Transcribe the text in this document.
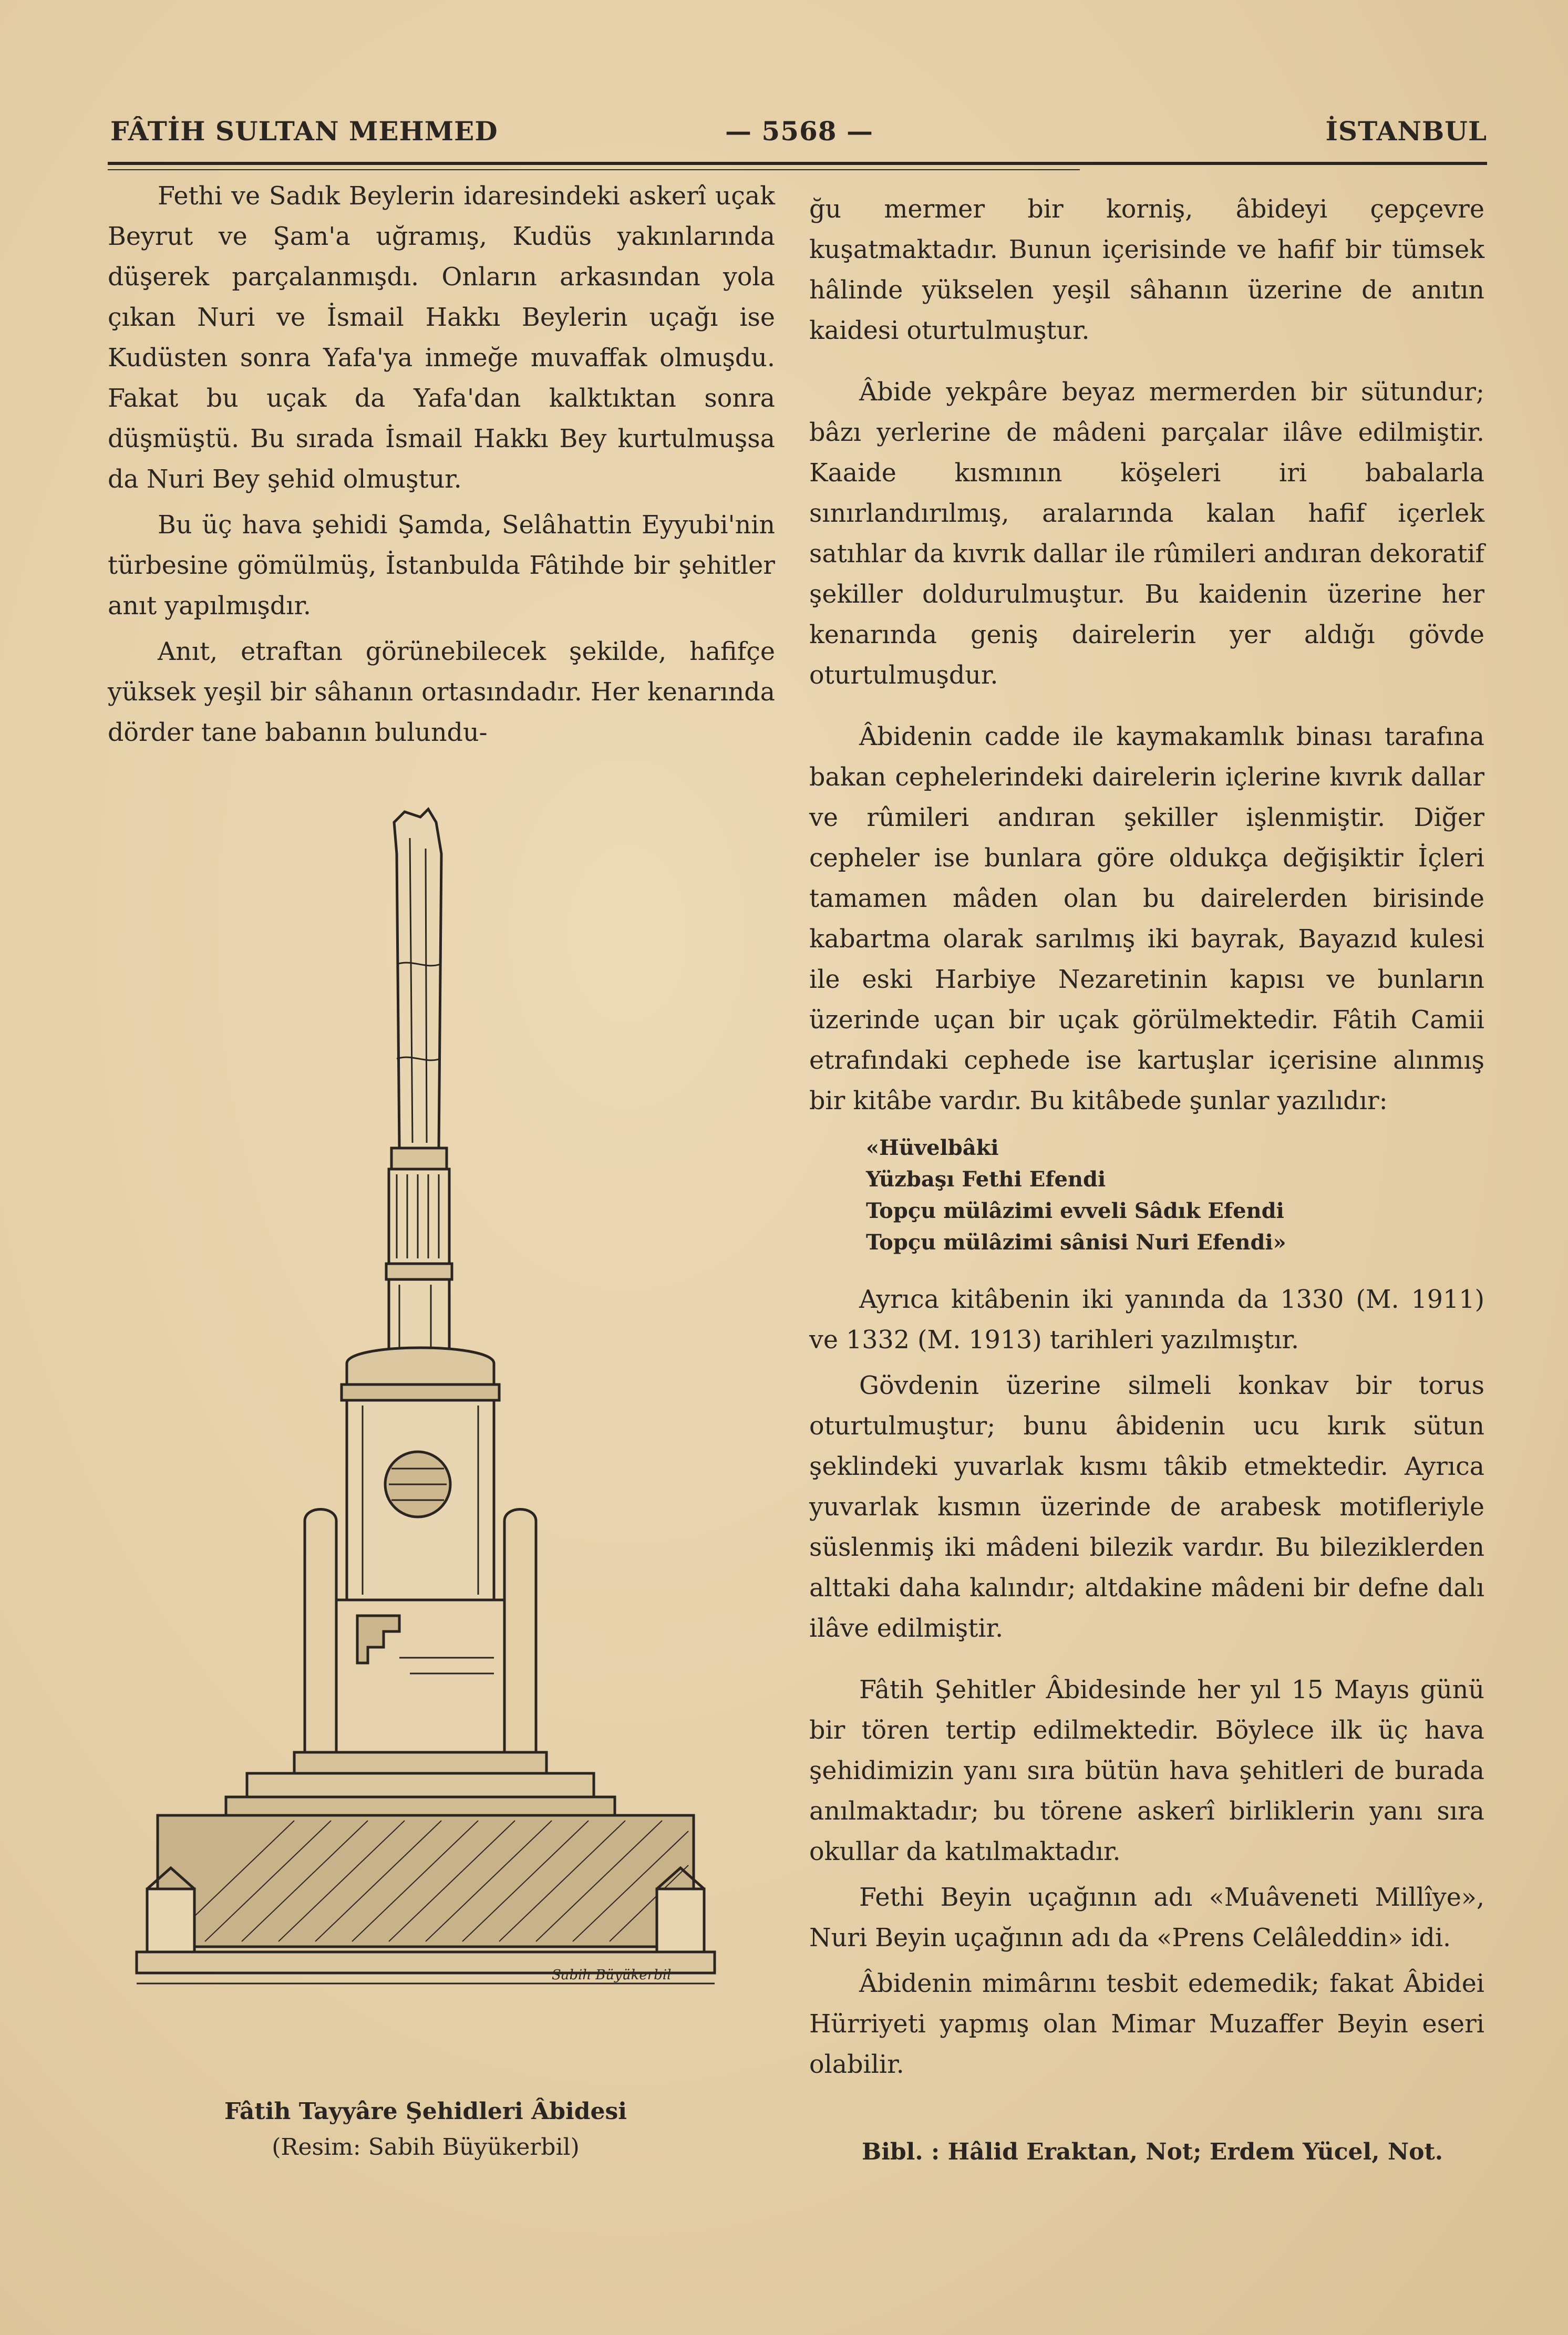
FÂTİH SULTAN MEHMED	— 5568 —	İSTANBUL

Fethi ve Sadık Beylerin idaresindeki askerî uçak Beyrut ve Şam'a uğramış, Kudüs yakınlarında düşerek parçalanmışdı. Onların arkasından yola çıkan Nuri ve İsmail Hakkı Beylerin uçağı ise Kudüsten sonra Yafa'ya inmeğe muvaffak olmuşdu. Fakat bu uçak da Yafa'dan kalktıktan sonra düşmüştü. Bu sırada İsmail Hakkı Bey kurtulmuşsa da Nuri Bey şehid olmuştur.

Bu üç hava şehidi Şamda, Selâhattin Eyyubi'nin türbesine gömülmüş, İstanbulda Fâtihde bir şehitler anıt yapılmışdır.

Anıt, etraftan görünebilecek şekilde, hafifçe yüksek yeşil bir sâhanın ortasındadır. Her kenarında dörder tane babanın bulundu-

Sabih Büyükerbil
Fâtih Tayyâre Şehidleri Âbidesi
(Resim: Sabih Büyükerbil)

ğu mermer bir korniş, âbideyi çepçevre kuşatmaktadır. Bunun içerisinde ve hafif bir tümsek hâlinde yükselen yeşil sâhanın üzerine de anıtın kaidesi oturtulmuştur.

Âbide yekpâre beyaz mermerden bir sütundur; bâzı yerlerine de mâdeni parçalar ilâve edilmiştir. Kaaide kısmının köşeleri iri babalarla sınırlandırılmış, aralarında kalan hafif içerlek satıhlar da kıvrık dallar ile rûmileri andıran dekoratif şekiller doldurulmuştur. Bu kaidenin üzerine her kenarında geniş dairelerin yer aldığı gövde oturtulmuşdur.

Âbidenin cadde ile kaymakamlık binası tarafına bakan cephelerindeki dairelerin içlerine kıvrık dallar ve rûmileri andıran şekiller işlenmiştir. Diğer cepheler ise bunlara göre oldukça değişiktir İçleri tamamen mâden olan bu dairelerden birisinde kabartma olarak sarılmış iki bayrak, Bayazıd kulesi ile eski Harbiye Nezaretinin kapısı ve bunların üzerinde uçan bir uçak görülmektedir. Fâtih Camii etrafındaki cephede ise kartuşlar içerisine alınmış bir kitâbe vardır. Bu kitâbede şunlar yazılıdır:

«Hüvelbâki
Yüzbaşı Fethi Efendi
Topçu mülâzimi evveli Sâdık Efendi
Topçu mülâzimi sânisi Nuri Efendi»

Ayrıca kitâbenin iki yanında da 1330 (M. 1911) ve 1332 (M. 1913) tarihleri yazılmıştır.

Gövdenin üzerine silmeli konkav bir torus oturtulmuştur; bunu âbidenin ucu kırık sütun şeklindeki yuvarlak kısmı tâkib etmektedir. Ayrıca yuvarlak kısmın üzerinde de arabesk motifleriyle süslenmiş iki mâdeni bilezik vardır. Bu bileziklerden alttaki daha kalındır; altdakine mâdeni bir defne dalı ilâve edilmiştir.

Fâtih Şehitler Âbidesinde her yıl 15 Mayıs günü bir tören tertip edilmektedir. Böylece ilk üç hava şehidimizin yanı sıra bütün hava şehitleri de burada anılmaktadır; bu törene askerî birliklerin yanı sıra okullar da katılmaktadır.

Fethi Beyin uçağının adı «Muâveneti Millîye», Nuri Beyin uçağının adı da «Prens Celâleddin» idi.

Âbidenin mimârını tesbit edemedik; fakat Âbidei Hürriyeti yapmış olan Mimar Muzaffer Beyin eseri olabilir.

Bibl. : Hâlid Eraktan, Not; Erdem Yücel, Not.
